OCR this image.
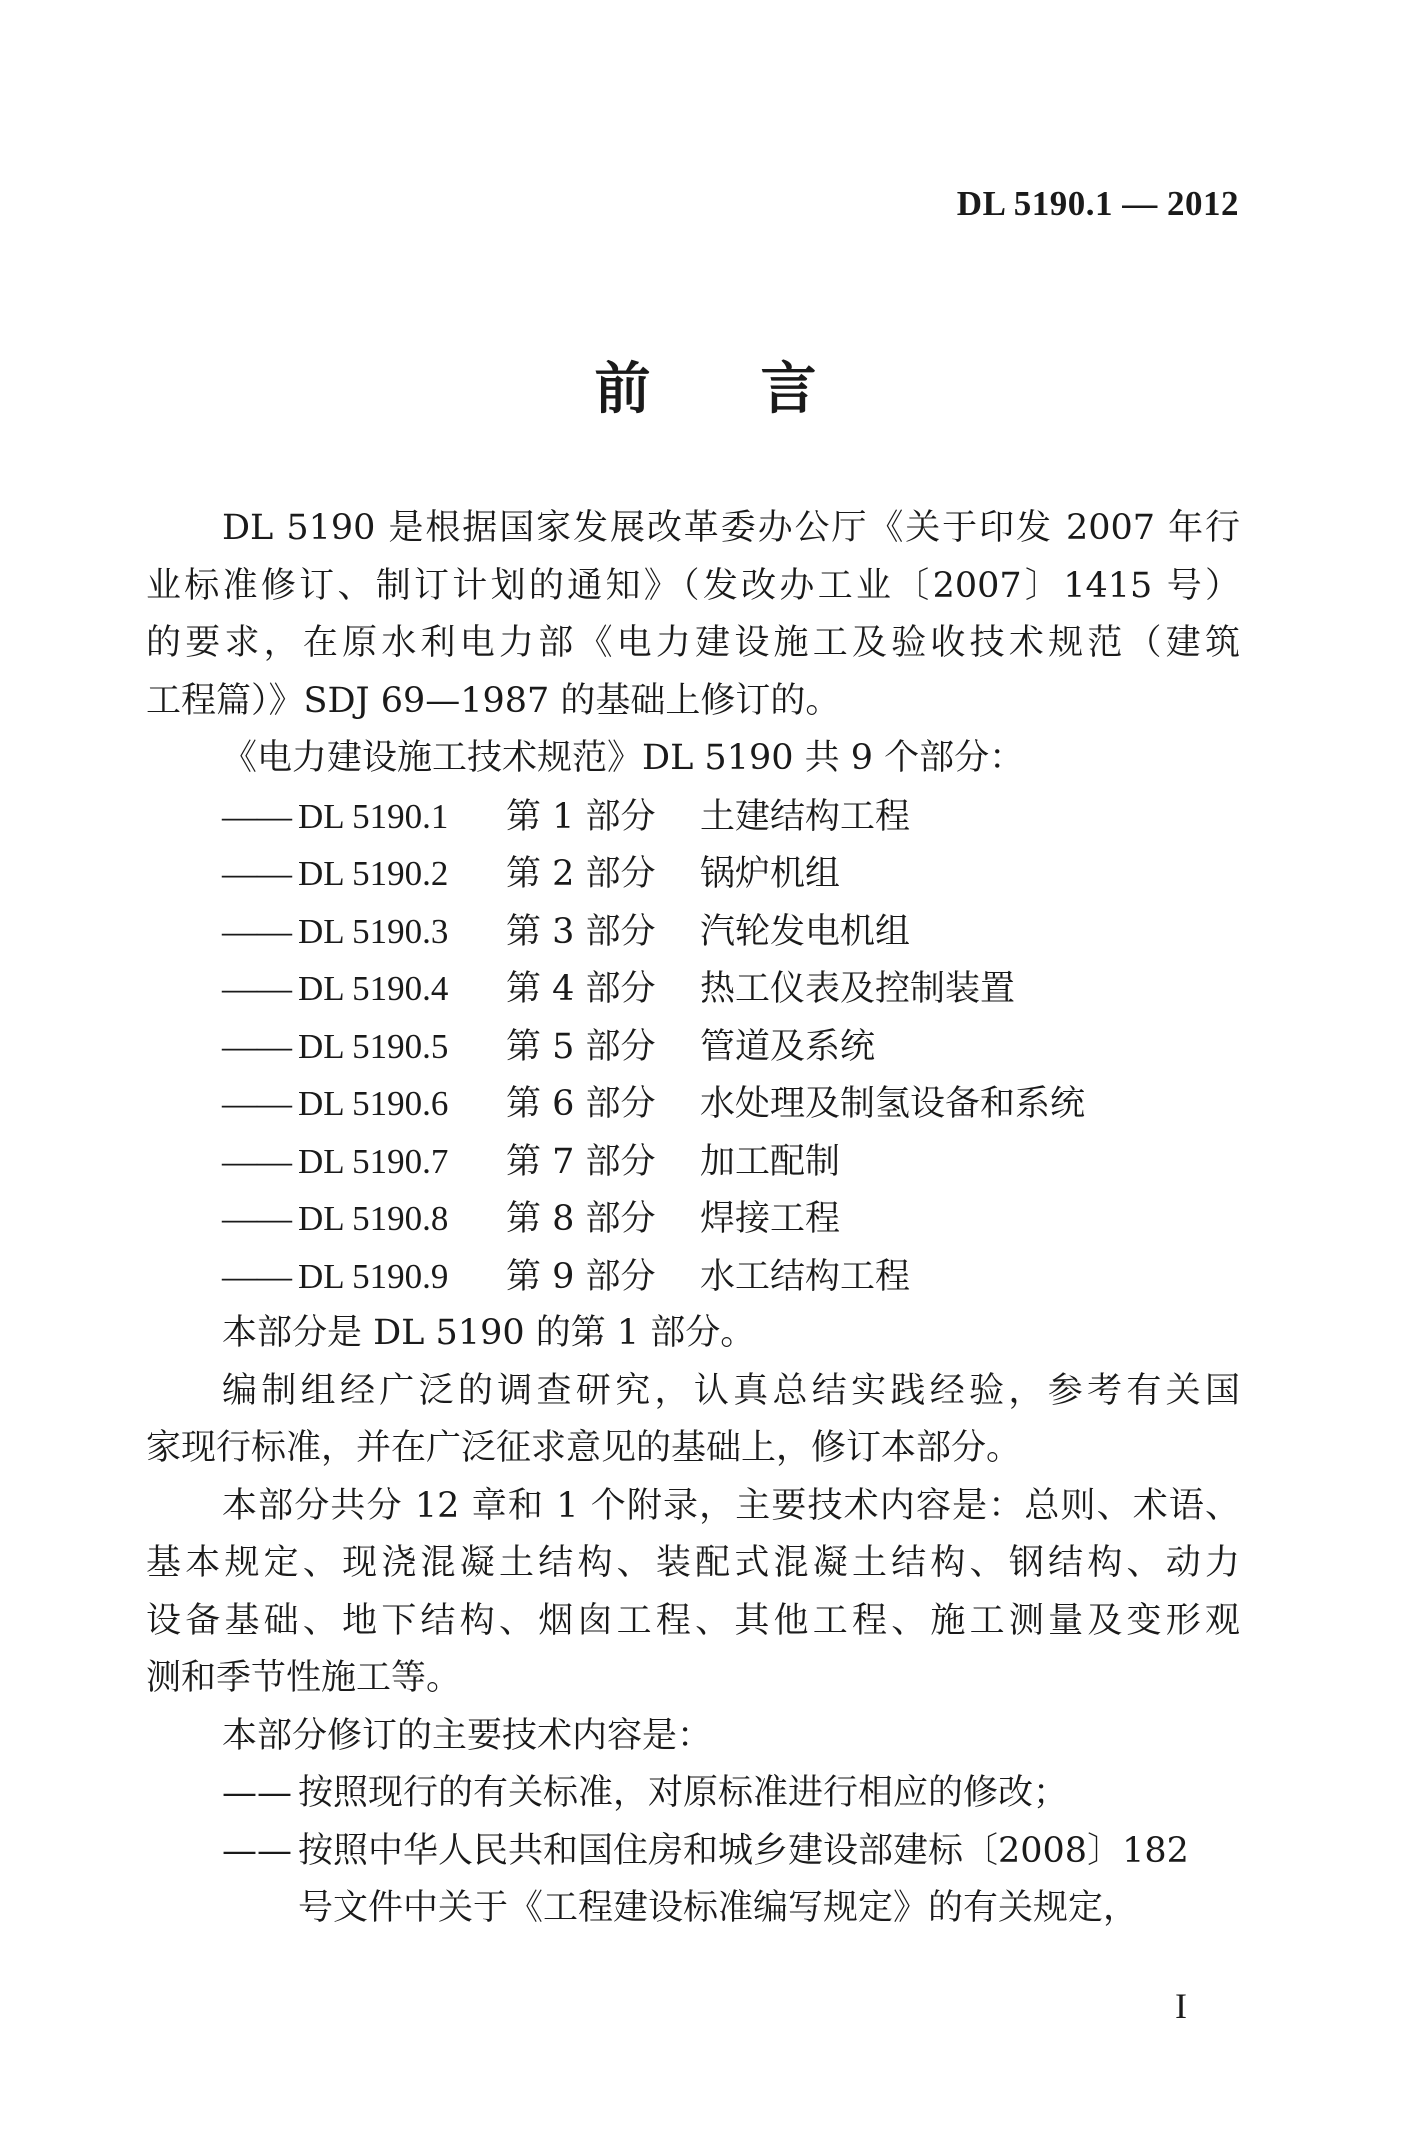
DL 5190.1 — 2012
前 言

DL 5190 是根据国家发展改革委办公厅《关于印发 2007 年行
业标准修订、制订计划的通知》（发改办工业〔2007〕1415 号）
的要求，在原水利电力部《电力建设施工及验收技术规范（建筑
工程篇）》SDJ 69—1987 的基础上修订的。

《电力建设施工技术规范》DL 5190 共 9 个部分：

—— DL 5190.1	第 1 部分	土建结构工程
—— DL 5190.2	第 2 部分	锅炉机组
—— DL 5190.3	第 3 部分	汽轮发电机组
—— DL 5190.4	第 4 部分	热工仪表及控制装置
—— DL 5190.5	第 5 部分	管道及系统
—— DL 5190.6	第 6 部分	水处理及制氢设备和系统
—— DL 5190.7	第 7 部分	加工配制
—— DL 5190.8	第 8 部分	焊接工程
—— DL 5190.9	第 9 部分	水工结构工程

本部分是 DL 5190 的第 1 部分。

编制组经广泛的调查研究，认真总结实践经验，参考有关国
家现行标准，并在广泛征求意见的基础上，修订本部分。

本部分共分 12 章和 1 个附录，主要技术内容是：总则、术语、
基本规定、现浇混凝土结构、装配式混凝土结构、钢结构、动力
设备基础、地下结构、烟囱工程、其他工程、施工测量及变形观
测和季节性施工等。

本部分修订的主要技术内容是：

—— 按照现行的有关标准，对原标准进行相应的修改；
—— 按照中华人民共和国住房和城乡建设部建标〔2008〕182
号文件中关于《工程建设标准编写规定》的有关规定，
I
